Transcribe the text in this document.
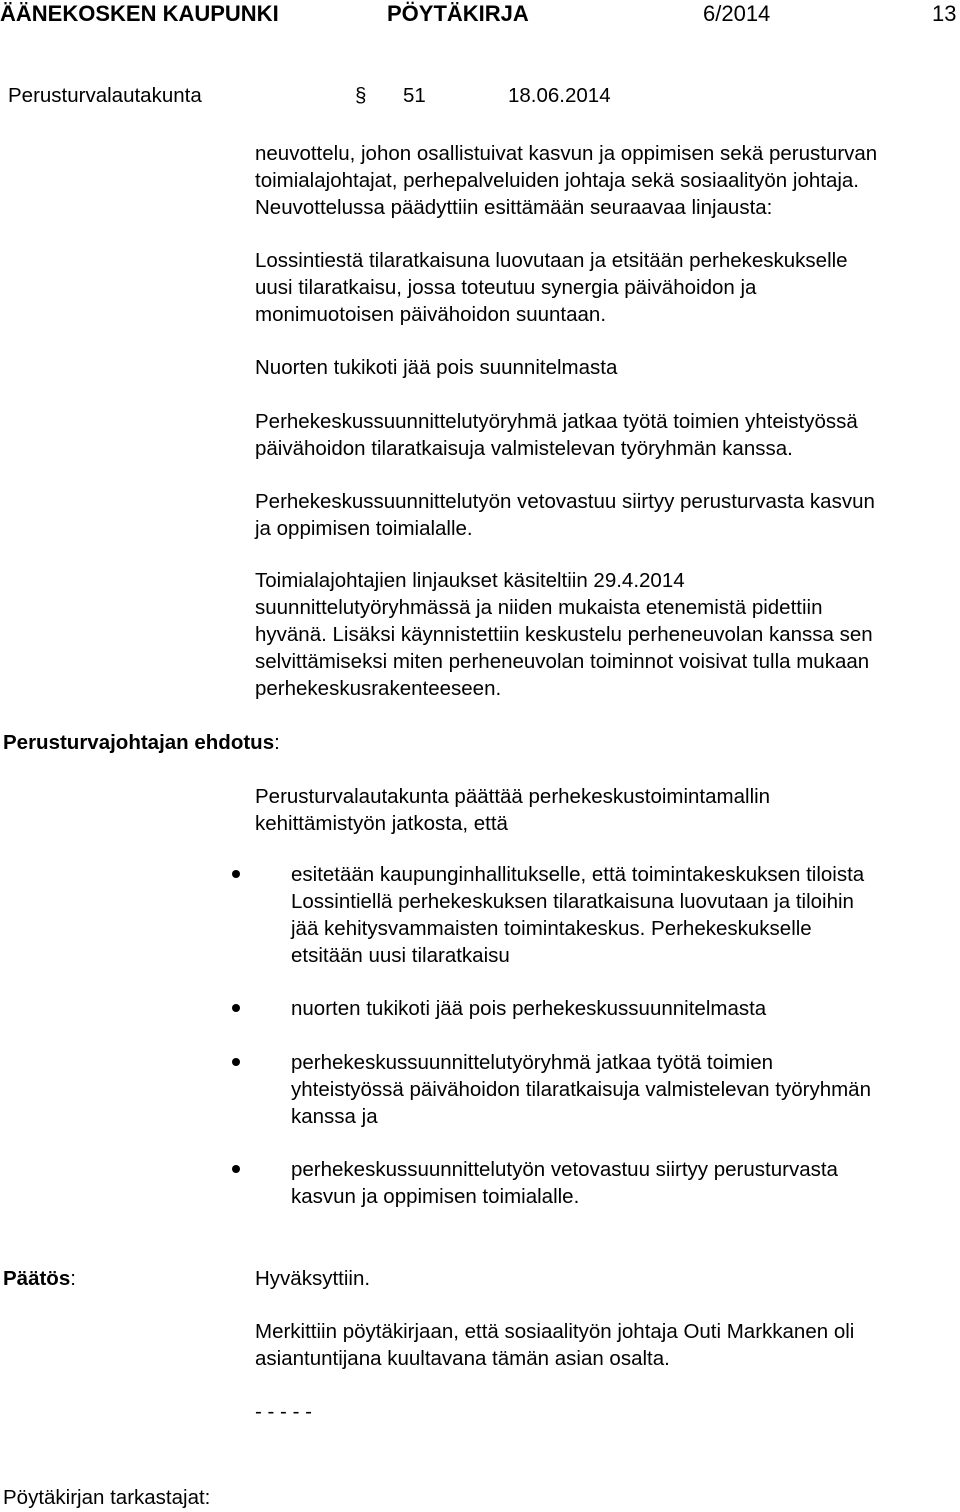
ÄÄNEKOSKEN KAUPUNKI	PÖYTÄKIRJA	6/2014	13
Perusturvalautakunta	§ 51	18.06.2014
neuvottelu, johon osallistuivat kasvun ja oppimisen sekä perusturvan
toimialajohtajat, perhepalveluiden johtaja sekä sosiaalityön johtaja.
Neuvottelussa päädyttiin esittämään seuraavaa linjausta:
Lossintiestä tilaratkaisuna luovutaan ja etsitään perhekeskukselle
uusi tilaratkaisu, jossa toteutuu synergia päivähoidon ja
monimuotoisen päivähoidon suuntaan.
Nuorten tukikoti jää pois suunnitelmasta
Perhekeskussuunnittelutyöryhmä jatkaa työtä toimien yhteistyössä
päivähoidon tilaratkaisuja valmistelevan työryhmän kanssa.
Perhekeskussuunnittelutyön vetovastuu siirtyy perusturvasta kasvun
ja oppimisen toimialalle.
Toimialajohtajien linjaukset käsiteltiin 29.4.2014
suunnittelutyöryhmässä ja niiden mukaista etenemistä pidettiin
hyvänä. Lisäksi käynnistettiin keskustelu perheneuvolan kanssa sen
selvittämiseksi miten perheneuvolan toiminnot voisivat tulla mukaan
perhekeskusrakenteeseen.
Perusturvajohtajan ehdotus:
Perusturvalautakunta päättää perhekeskustoimintamallin
kehittämistyön jatkosta, että
esitetään kaupunginhallitukselle, että toimintakeskuksen tiloista
Lossintiellä perhekeskuksen tilaratkaisuna luovutaan ja tiloihin
jää kehitysvammaisten toimintakeskus. Perhekeskukselle
etsitään uusi tilaratkaisu
nuorten tukikoti jää pois perhekeskussuunnitelmasta
perhekeskussuunnittelutyöryhmä jatkaa työtä toimien
yhteistyössä päivähoidon tilaratkaisuja valmistelevan työryhmän
kanssa ja
perhekeskussuunnittelutyön vetovastuu siirtyy perusturvasta
kasvun ja oppimisen toimialalle.
Päätös:	Hyväksyttiin.
Merkittiin pöytäkirjaan, että sosiaalityön johtaja Outi Markkanen oli
asiantuntijana kuultavana tämän asian osalta.
- - - - -
Pöytäkirjan tarkastajat:
